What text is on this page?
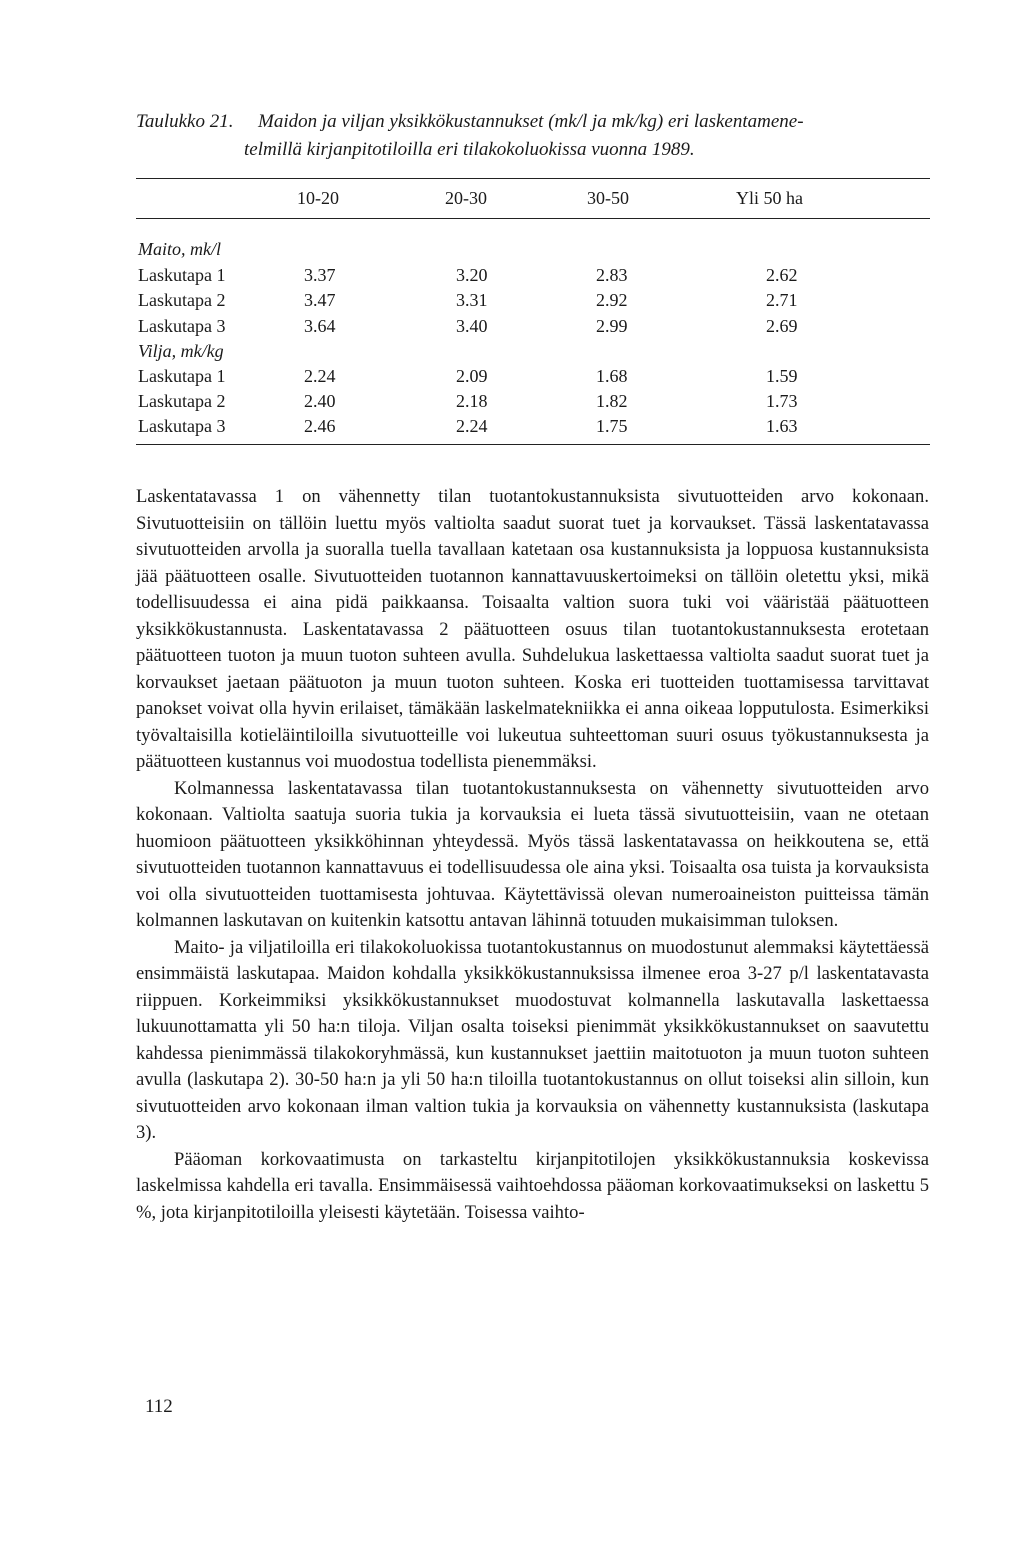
Taulukko 21. Maidon ja viljan yksikkökustannukset (mk/l ja mk/kg) eri laskentamene-
telmillä kirjanpitotiloilla eri tilakokoluokissa vuonna 1989.
10-20	20-30	30-50	Yli 50 ha
Maito, mk/l
Laskutapa 1	3.37	3.20	2.83	2.62
Laskutapa 2	3.47	3.31	2.92	2.71
Laskutapa 3	3.64	3.40	2.99	2.69
Vilja, mk/kg
Laskutapa 1	2.24	2.09	1.68	1.59
Laskutapa 2	2.40	2.18	1.82	1.73
Laskutapa 3	2.46	2.24	1.75	1.63

Laskentatavassa 1 on vähennetty tilan tuotantokustannuksista sivutuotteiden arvo kokonaan. Sivutuotteisiin on tällöin luettu myös valtiolta saadut suorat tuet ja korvaukset. Tässä laskentatavassa sivutuotteiden arvolla ja suoralla tuella tavallaan katetaan osa kustannuksista ja loppuosa kustannuksista jää päätuotteen osalle. Sivutuotteiden tuotannon kannattavuuskertoimeksi on tällöin oletettu yksi, mikä todellisuudessa ei aina pidä paikkaansa. Toisaalta valtion suora tuki voi vääristää päätuotteen yksikkökustannusta. Laskentatavassa 2 päätuotteen osuus tilan tuotantokustannuksesta erotetaan päätuotteen tuoton ja muun tuoton suhteen avulla. Suhdelukua laskettaessa valtiolta saadut suorat tuet ja korvaukset jaetaan päätuoton ja muun tuoton suhteen. Koska eri tuotteiden tuottamisessa tarvittavat panokset voivat olla hyvin erilaiset, tämäkään laskelmatekniikka ei anna oikeaa lopputulosta. Esimerkiksi työvaltaisilla kotieläintiloilla sivutuotteille voi lukeutua suhteettoman suuri osuus työkustannuksesta ja päätuotteen kustannus voi muodostua todellista pienemmäksi.

Kolmannessa laskentatavassa tilan tuotantokustannuksesta on vähennetty sivutuotteiden arvo kokonaan. Valtiolta saatuja suoria tukia ja korvauksia ei lueta tässä sivutuotteisiin, vaan ne otetaan huomioon päätuotteen yksikköhinnan yhteydessä. Myös tässä laskentatavassa on heikkoutena se, että sivutuotteiden tuotannon kannattavuus ei todellisuudessa ole aina yksi. Toisaalta osa tuista ja korvauksista voi olla sivutuotteiden tuottamisesta johtuvaa. Käytettävissä olevan numeroaineiston puitteissa tämän kolmannen laskutavan on kuitenkin katsottu antavan lähinnä totuuden mukaisimman tuloksen.

Maito- ja viljatiloilla eri tilakokoluokissa tuotantokustannus on muodostunut alemmaksi käytettäessä ensimmäistä laskutapaa. Maidon kohdalla yksikkökustannuksissa ilmenee eroa 3-27 p/l laskentatavasta riippuen. Korkeimmiksi yksikkökustannukset muodostuvat kolmannella laskutavalla laskettaessa lukuunottamatta yli 50 ha:n tiloja. Viljan osalta toiseksi pienimmät yksikkökustannukset on saavutettu kahdessa pienimmässä tilakokoryhmässä, kun kustannukset jaettiin maitotuoton ja muun tuoton suhteen avulla (laskutapa 2). 30-50 ha:n ja yli 50 ha:n tiloilla tuotantokustannus on ollut toiseksi alin silloin, kun sivutuotteiden arvo kokonaan ilman valtion tukia ja korvauksia on vähennetty kustannuksista (laskutapa 3).

Pääoman korkovaatimusta on tarkasteltu kirjanpitotilojen yksikkökustannuksia koskevissa laskelmissa kahdella eri tavalla. Ensimmäisessä vaihtoehdossa pääoman korkovaatimukseksi on laskettu 5 %, jota kirjanpitotiloilla yleisesti käytetään. Toisessa vaihto-

112
